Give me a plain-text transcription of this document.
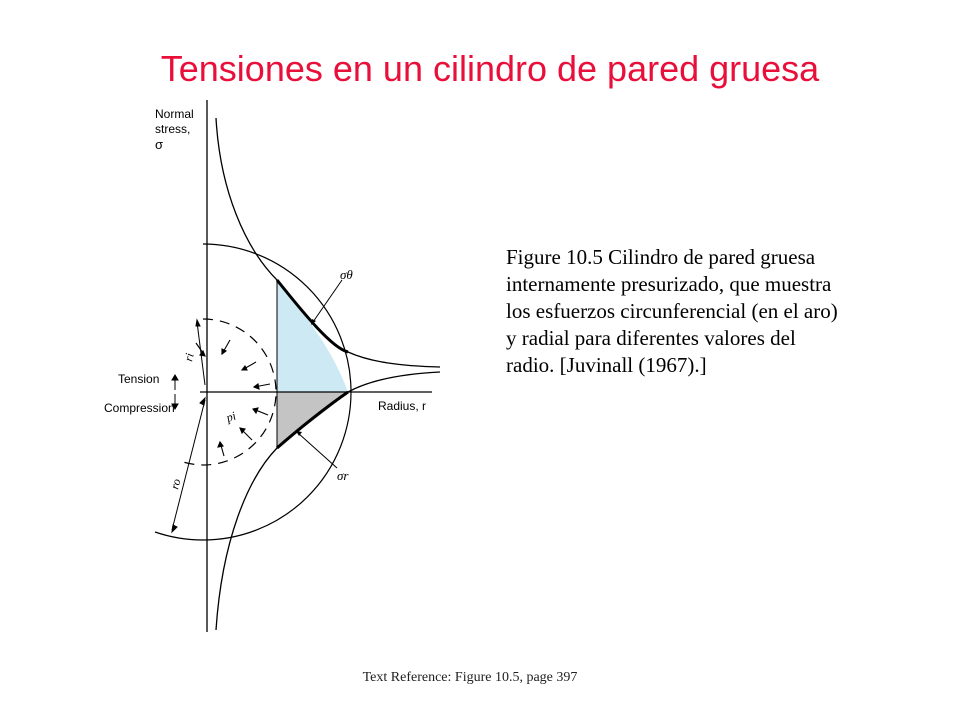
Tensiones en un cilindro de pared gruesa
Normal
stress,
σ
Tension
Compression	Radius, r
σθ
σr
ri
ro
pi
Figure 10.5 Cilindro de pared gruesa
internamente presurizado, que muestra
los esfuerzos circunferencial (en el aro)
y radial para diferentes valores del
radio. [Juvinall (1967).]
Text Reference: Figure 10.5, page 397
